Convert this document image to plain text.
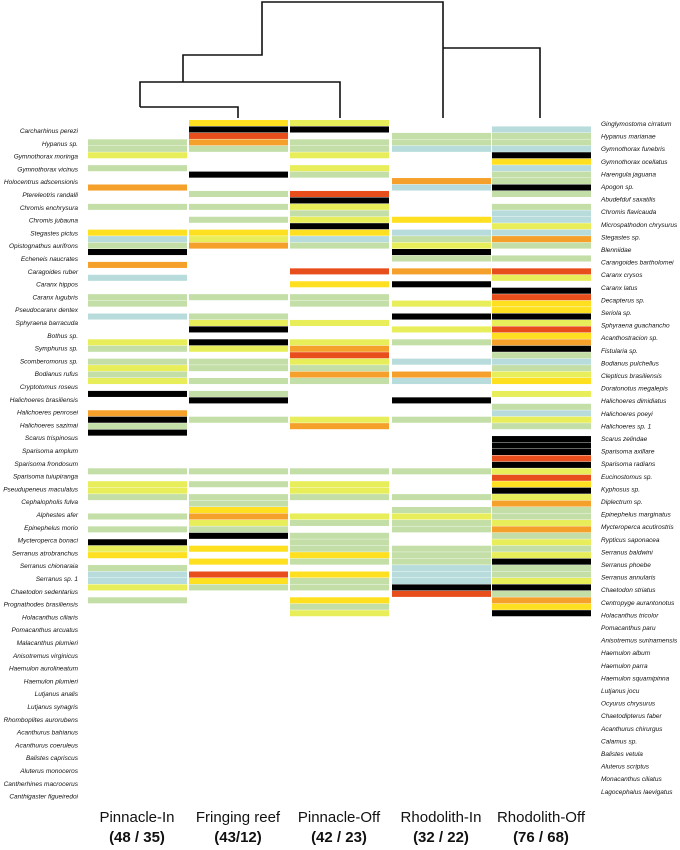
Carcharhinus perezi
Hypanus sp.
Gymnothorax moringa
Gymnothorax vicinus
Holocentrus adscensionis
Ptereleotris randalli
Chromis enchrysura
Chromis jubauna
Stegastes pictus
Opistognathus aurifrons
Echeneis naucrates
Caragoides ruber
Caranx hippos
Caranx lugubris
Pseudocaranx dentex
Sphyraena barracuda
Bothus sp.
Symphurus sp.
Scomberomorus sp.
Bodianus rufus
Cryptotomus roseus
Halichoeres brasiliensis
Halichoeres penrosei
Halichoeres sazimai
Scarus trispinosus
Sparisoma amplum
Sparisoma frondosum
Sparisoma tuiupiranga
Pseudupeneus maculatus
Cephalopholis fulva
Alphestes afer
Epinephelus morio
Mycteroperca bonaci
Serranus atrobranchus
Serranus chionaraia
Serranus sp. 1
Chaetodon sedentarius
Prognathodes brasiliensis
Holacanthus ciliaris
Pomacanthus arcuatus
Malacanthus plumieri
Anisotremus virginicus
Haemulon aurolineatum
Haemulon plumieri
Lutjanus analis
Lutjanus synagris
Rhomboplites aurorubens
Acanthurus bahianus
Acanthurus coeruleus
Balistes capriscus
Aluterus monoceros
Cantherhines macrocerus
Canthigaster figueiredoi
Ginglymostoma cirratum
Hypanus marianae
Gymnothorax funebris
Gymnothorax ocellatus
Harengula jaguana
Apogon sp.
Abudefduf saxatilis
Chromis flavicauda
Microspathodon chrysurus
Stegastes sp.
Blenniidae
Carangoides bartholomei
Caranx crysos
Caranx latus
Decapterus sp.
Seriola sp.
Sphyraena guachancho
Acanthostracion sp.
Fistularia sp.
Bodianus pulchellus
Clepticus brasiliensis
Doratonotus megalepis
Halichoeres dimidiatus
Halichoeres poeyi
Halichoeres sp. 1
Scarus zelindae
Sparisoma axillare
Sparisoma radians
Eucinostomus sp.
Kyphosus sp.
Diplectrum sp.
Epinephelus marginatus
Mycteroperca acutirostris
Rypticus saponacea
Serranus baldwini
Serranus phoebe
Serranus annularis
Chaetodon striatus
Centropyge aurantonotus
Holacanthus tricolor
Pomacanthus paru
Anisotremus surinamensis
Haemulon album
Haemulon parra
Haemulon squamipinna
Lutjanus jocu
Ocyurus chrysurus
Chaetodipterus faber
Acanthurus chirurgus
Calamus sp.
Balistes vetula
Aluterus scriptus
Monacanthus ciliatus
Lagocephalus laevigatus
Pinnacle-In
(48 / 35)
Fringing reef
(43/12)
Pinnacle-Off
(42 / 23)
Rhodolith-In
(32 / 22)
Rhodolith-Off
(76 / 68)
